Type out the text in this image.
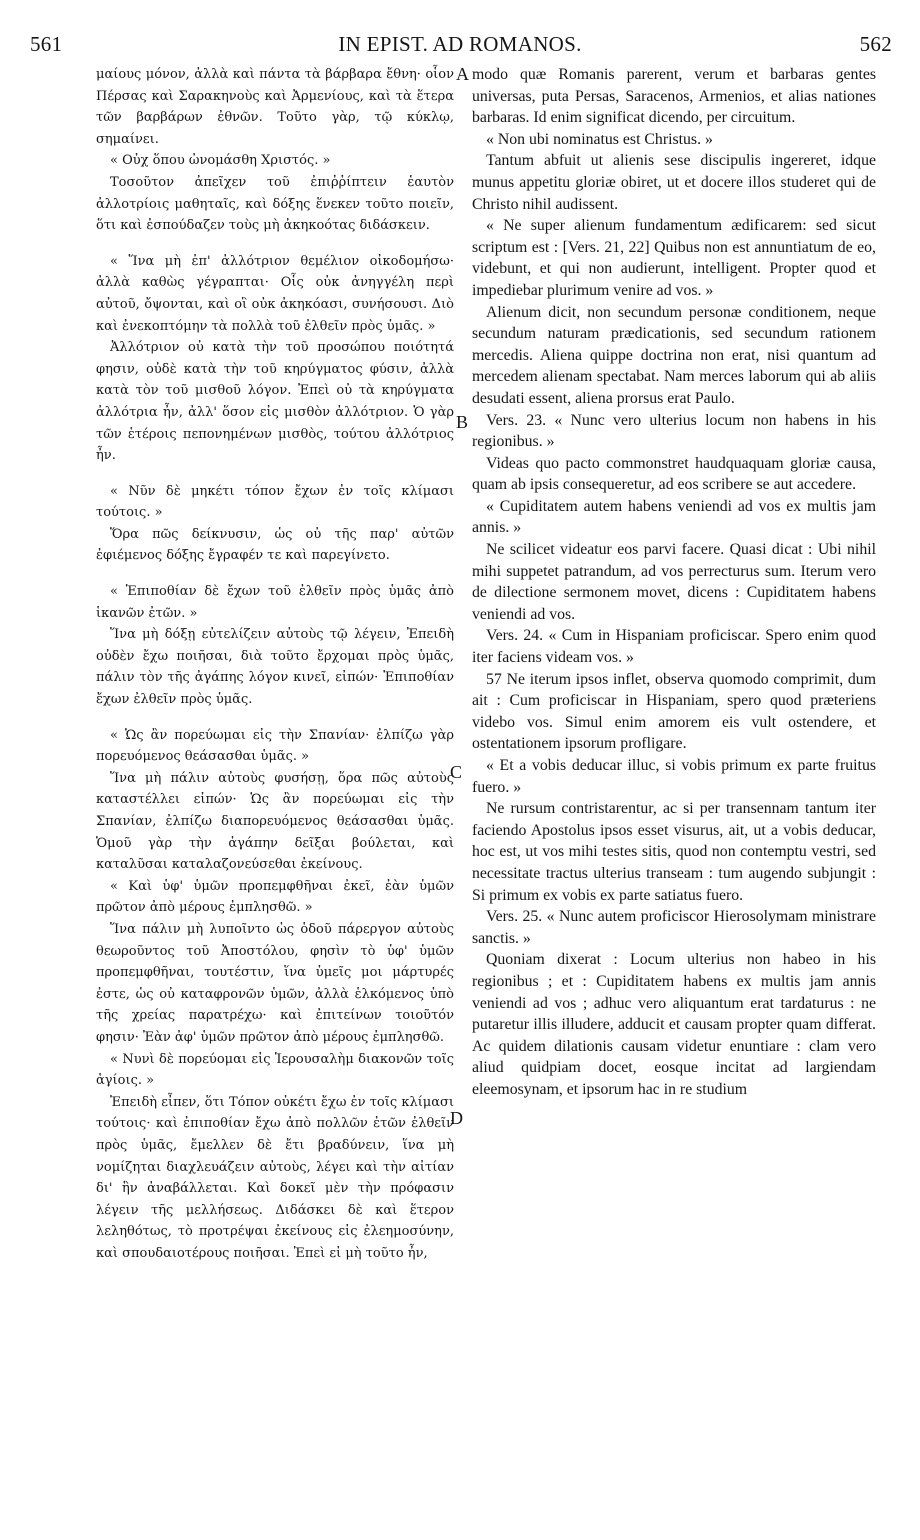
561	IN EPIST. AD ROMANOS.	562
A
B
C
D

μαίους μόνον, ἀλλὰ καὶ πάντα τὰ βάρβαρα ἔθνη· οἷον Πέρσας καὶ Σαρακηνοὺς καὶ Ἀρμενίους, καὶ τὰ ἕτερα τῶν βαρβάρων ἐθνῶν. Τοῦτο γὰρ, τῷ κύκλῳ, σημαίνει.

« Οὐχ ὅπου ὠνομάσθη Χριστός. »

Τοσοῦτον ἀπεῖχεν τοῦ ἐπιῤῥίπτειν ἑαυτὸν ἀλλοτρίοις μαθηταῖς, καὶ δόξης ἕνεκεν τοῦτο ποιεῖν, ὅτι καὶ ἐσπούδαζεν τοὺς μὴ ἀκηκοότας διδάσκειν.

« Ἵνα μὴ ἐπ' ἀλλότριον θεμέλιον οἰκοδομήσω· ἀλλὰ καθὼς γέγραπται· Οἷς οὐκ ἀνηγγέλη περὶ αὐτοῦ, ὄψονται, καὶ οἳ οὐκ ἀκηκόασι, συνήσουσι. Διὸ καὶ ἐνεκοπτόμην τὰ πολλὰ τοῦ ἐλθεῖν πρὸς ὑμᾶς. »

Ἀλλότριον οὐ κατὰ τὴν τοῦ προσώπου ποιότητά φησιν, οὐδὲ κατὰ τὴν τοῦ κηρύγματος φύσιν, ἀλλὰ κατὰ τὸν τοῦ μισθοῦ λόγον. Ἐπεὶ οὐ τὰ κηρύγματα ἀλλότρια ἦν, ἀλλ' ὅσον εἰς μισθὸν ἀλλότριον. Ὁ γὰρ τῶν ἑτέροις πεπονημένων μισθὸς, τούτου ἀλλότριος ἦν.

« Νῦν δὲ μηκέτι τόπον ἔχων ἐν τοῖς κλίμασι τούτοις. »

Ὅρα πῶς δείκνυσιν, ὡς οὐ τῆς παρ' αὐτῶν ἐφιέμενος δόξης ἔγραφέν τε καὶ παρεγίνετο.

« Ἐπιποθίαν δὲ ἔχων τοῦ ἐλθεῖν πρὸς ὑμᾶς ἀπὸ ἱκανῶν ἐτῶν. »

Ἵνα μὴ δόξῃ εὐτελίζειν αὐτοὺς τῷ λέγειν, Ἐπειδὴ οὐδὲν ἔχω ποιῆσαι, διὰ τοῦτο ἔρχομαι πρὸς ὑμᾶς, πάλιν τὸν τῆς ἀγάπης λόγον κινεῖ, εἰπών· Ἐπιποθίαν ἔχων ἐλθεῖν πρὸς ὑμᾶς.

« Ὡς ἂν πορεύωμαι εἰς τὴν Σπανίαν· ἐλπίζω γὰρ πορευόμενος θεάσασθαι ὑμᾶς. »

Ἵνα μὴ πάλιν αὐτοὺς φυσήσῃ, ὅρα πῶς αὐτοὺς καταστέλλει εἰπών· Ὡς ἂν πορεύωμαι εἰς τὴν Σπανίαν, ἐλπίζω διαπορευόμενος θεάσασθαι ὑμᾶς. Ὁμοῦ γὰρ τὴν ἀγάπην δεῖξαι βούλεται, καὶ καταλῦσαι καταλαζονεύσεθαι ἐκείνους.

« Καὶ ὑφ' ὑμῶν προπεμφθῆναι ἐκεῖ, ἐὰν ὑμῶν πρῶτον ἀπὸ μέρους ἐμπλησθῶ. »

Ἵνα πάλιν μὴ λυποῖντο ὡς ὁδοῦ πάρεργον αὐτοὺς θεωροῦντος τοῦ Ἀποστόλου, φησὶν τὸ ὑφ' ὑμῶν προπεμφθῆναι, τουτέστιν, ἵνα ὑμεῖς μοι μάρτυρές ἐστε, ὡς οὐ καταφρονῶν ὑμῶν, ἀλλὰ ἑλκόμενος ὑπὸ τῆς χρείας παρατρέχω· καὶ ἐπιτείνων τοιοῦτόν φησιν· Ἐὰν ἀφ' ὑμῶν πρῶτον ἀπὸ μέρους ἐμπλησθῶ.

« Νυνὶ δὲ πορεύομαι εἰς Ἱερουσαλὴμ διακονῶν τοῖς ἁγίοις. »

Ἐπειδὴ εἶπεν, ὅτι Τόπον οὐκέτι ἔχω ἐν τοῖς κλίμασι τούτοις· καὶ ἐπιποθίαν ἔχω ἀπὸ πολλῶν ἐτῶν ἐλθεῖν πρὸς ὑμᾶς, ἔμελλεν δὲ ἔτι βραδύνειν, ἵνα μὴ νομίζηται διαχλευάζειν αὐτοὺς, λέγει καὶ τὴν αἰτίαν δι' ἣν ἀναβάλλεται. Καὶ δοκεῖ μὲν τὴν πρόφασιν λέγειν τῆς μελλήσεως. Διδάσκει δὲ καὶ ἕτερον λεληθότως, τὸ προτρέψαι ἐκείνους εἰς ἐλεημοσύνην, καὶ σπουδαιοτέρους ποιῆσαι. Ἐπεὶ εἰ μὴ τοῦτο ἦν,

modo quæ Romanis parerent, verum et barbaras gentes universas, puta Persas, Saracenos, Armenios, et alias nationes barbaras. Id enim significat dicendo, per circuitum.

« Non ubi nominatus est Christus. »

Tantum abfuit ut alienis sese discipulis ingereret, idque munus appetitu gloriæ obiret, ut et docere illos studeret qui de Christo nihil audissent.

« Ne super alienum fundamentum ædificarem: sed sicut scriptum est : [Vers. 21, 22] Quibus non est annuntiatum de eo, videbunt, et qui non audierunt, intelligent. Propter quod et impediebar plurimum venire ad vos. »

Alienum dicit, non secundum personæ conditionem, neque secundum naturam prædicationis, sed secundum rationem mercedis. Aliena quippe doctrina non erat, nisi quantum ad mercedem alienam spectabat. Nam merces laborum qui ab aliis desudati essent, aliena prorsus erat Paulo.

Vers. 23. « Nunc vero ulterius locum non habens in his regionibus. »

Videas quo pacto commonstret haudquaquam gloriæ causa, quam ab ipsis consequeretur, ad eos scribere se aut accedere.

« Cupiditatem autem habens veniendi ad vos ex multis jam annis. »

Ne scilicet videatur eos parvi facere. Quasi dicat : Ubi nihil mihi suppetet patrandum, ad vos perrecturus sum. Iterum vero de dilectione sermonem movet, dicens : Cupiditatem habens veniendi ad vos.

Vers. 24. « Cum in Hispaniam proficiscar. Spero enim quod iter faciens videam vos. »

57 Ne iterum ipsos inflet, observa quomodo comprimit, dum ait : Cum proficiscar in Hispaniam, spero quod præteriens videbo vos. Simul enim amorem eis vult ostendere, et ostentationem ipsorum profligare.

« Et a vobis deducar illuc, si vobis primum ex parte fruitus fuero. »

Ne rursum contristarentur, ac si per transennam tantum iter faciendo Apostolus ipsos esset visurus, ait, ut a vobis deducar, hoc est, ut vos mihi testes sitis, quod non contemptu vestri, sed necessitate tractus ulterius transeam : tum augendo subjungit : Si primum ex vobis ex parte satiatus fuero.

Vers. 25. « Nunc autem proficiscor Hierosolymam ministrare sanctis. »

Quoniam dixerat : Locum ulterius non habeo in his regionibus ; et : Cupiditatem habens ex multis jam annis veniendi ad vos ; adhuc vero aliquantum erat tardaturus : ne putaretur illis illudere, adducit et causam propter quam differat. Ac quidem dilationis causam videtur enuntiare : clam vero aliud quidpiam docet, eosque incitat ad largiendam eleemosynam, et ipsorum hac in re studium
